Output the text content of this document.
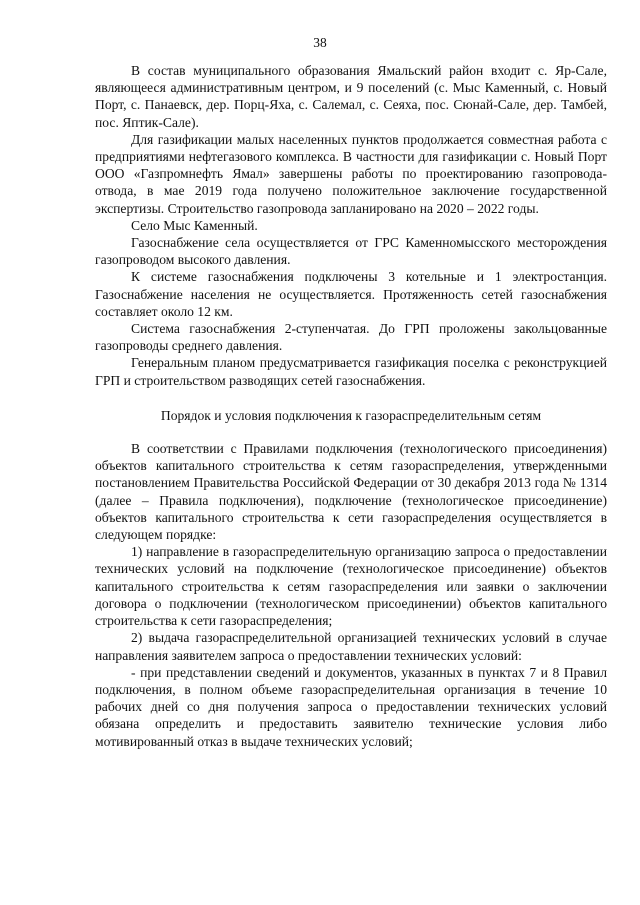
38

В состав муниципального образования Ямальский район входит с. Яр-Сале, являющееся административным центром, и 9 поселений (с. Мыс Каменный, с. Новый Порт, с. Панаевск, дер. Порц-Яха, с. Салемал, с. Сеяха, пос. Сюнай-Сале, дер. Тамбей, пос. Яптик-Сале).

Для газификации малых населенных пунктов продолжается совместная работа с предприятиями нефтегазового комплекса. В частности для газификации с. Новый Порт ООО «Газпромнефть Ямал» завершены работы по проектированию газопровода-отвода, в мае 2019 года получено положительное заключение государственной экспертизы. Строительство газопровода запланировано на 2020 – 2022 годы.

Село Мыс Каменный.

Газоснабжение села осуществляется от ГРС Каменномысского месторождения газопроводом высокого давления.

К системе газоснабжения подключены 3 котельные и 1 электростанция. Газоснабжение населения не осуществляется. Протяженность сетей газоснабжения составляет около 12 км.

Система газоснабжения 2-ступенчатая. До ГРП проложены закольцованные газопроводы среднего давления.

Генеральным планом предусматривается газификация поселка с реконструкцией ГРП и строительством разводящих сетей газоснабжения.

Порядок и условия подключения к газораспределительным сетям

В соответствии с Правилами подключения (технологического присоединения) объектов капитального строительства к сетям газораспределения, утвержденными постановлением Правительства Российской Федерации от 30 декабря 2013 года № 1314 (далее – Правила подключения), подключение (технологическое присоединение) объектов капитального строительства к сети газораспределения осуществляется в следующем порядке:

1) направление в газораспределительную организацию запроса о предоставлении технических условий на подключение (технологическое присоединение) объектов капитального строительства к сетям газораспределения или заявки о заключении договора о подключении (технологическом присоединении) объектов капитального строительства к сети газораспределения;

2) выдача газораспределительной организацией технических условий в случае направления заявителем запроса о предоставлении технических условий:

- при представлении сведений и документов, указанных в пунктах 7 и 8 Правил подключения, в полном объеме газораспределительная организация в течение 10 рабочих дней со дня получения запроса о предоставлении технических условий обязана определить и предоставить заявителю технические условия либо мотивированный отказ в выдаче технических условий;
